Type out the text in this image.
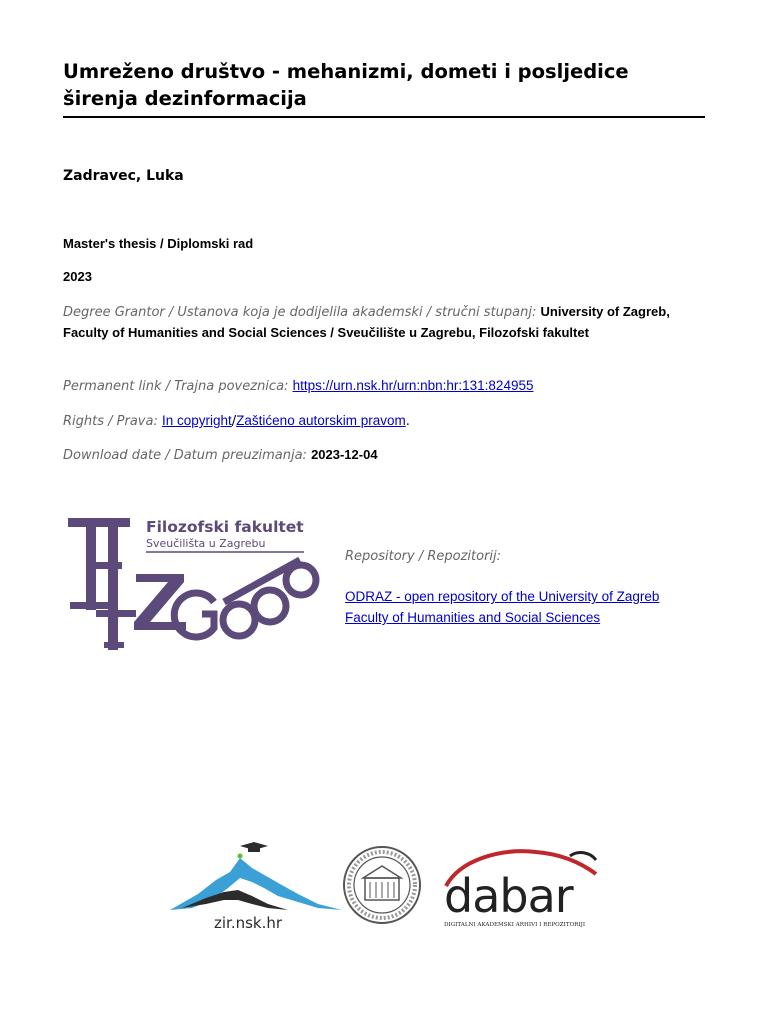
Umreženo društvo - mehanizmi, dometi i posljedice širenja dezinformacija
Zadravec, Luka
Master's thesis / Diplomski rad
2023
Degree Grantor / Ustanova koja je dodijelila akademski / stručni stupanj: University of Zagreb, Faculty of Humanities and Social Sciences / Sveučilište u Zagrebu, Filozofski fakultet
Permanent link / Trajna poveznica: https://urn.nsk.hr/urn:nbn:hr:131:824955
Rights / Prava: In copyright/Zaštićeno autorskim pravom.
Download date / Datum preuzimanja: 2023-12-04
Filozofski fakultet
Sveučilišta u Zagrebu
Repository / Repozitorij:
ODRAZ - open repository of the University of Zagreb
Faculty of Humanities and Social Sciences
zir.nsk.hr	dabar
DIGITALNI AKADEMSKI ARHIVI I REPOZITORIJI
